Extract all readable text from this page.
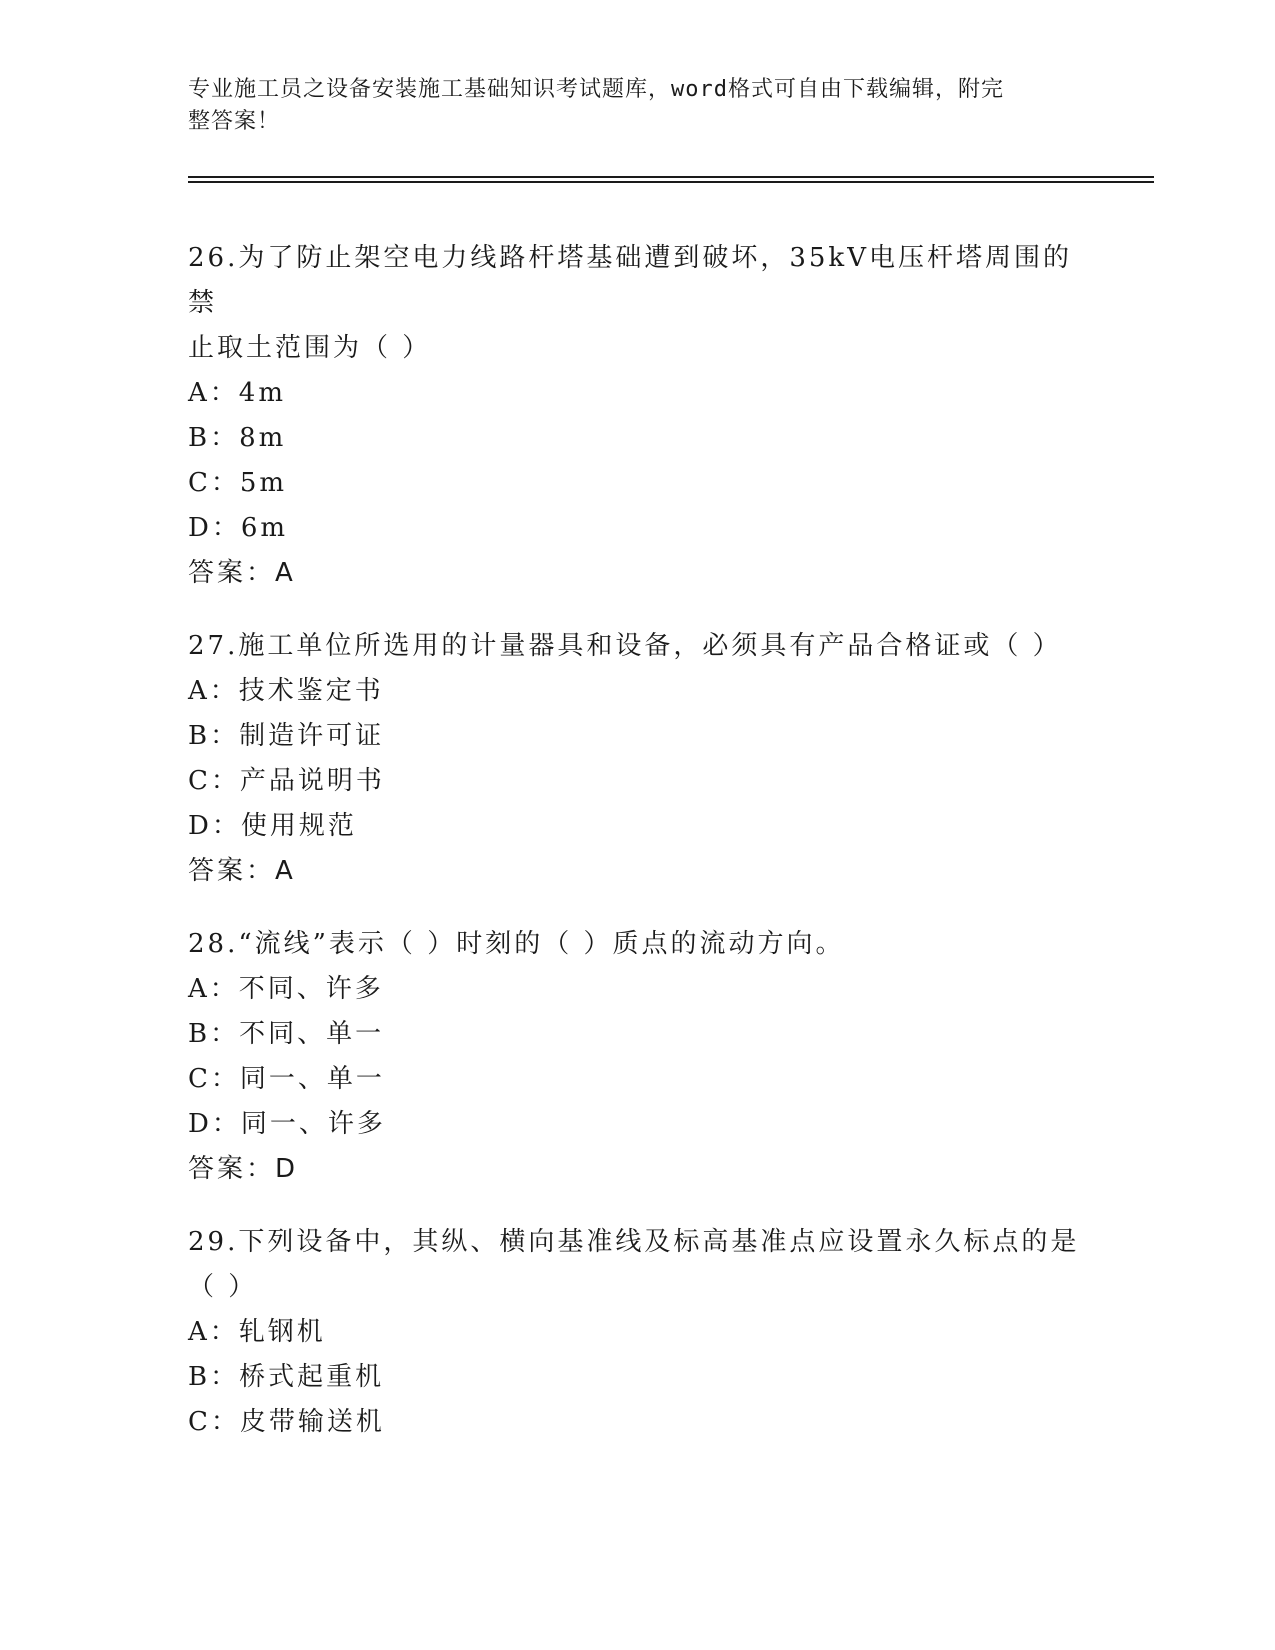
专业施工员之设备安装施工基础知识考试题库，word格式可自由下载编辑，附完
整答案！

26.为了防止架空电力线路杆塔基础遭到破坏，35kV电压杆塔周围的禁

止取土范围为（ ）

A：4m

B：8m

C：5m

D：6m

答案：A

27.施工单位所选用的计量器具和设备，必须具有产品合格证或（ ）

A：技术鉴定书

B：制造许可证

C：产品说明书

D：使用规范

答案：A

28.“流线”表示（ ）时刻的（ ）质点的流动方向。

A：不同、许多

B：不同、单一

C：同一、单一

D：同一、许多

答案：D

29.下列设备中，其纵、横向基准线及标高基准点应设置永久标点的是

（ ）

A：轧钢机

B：桥式起重机

C：皮带输送机
